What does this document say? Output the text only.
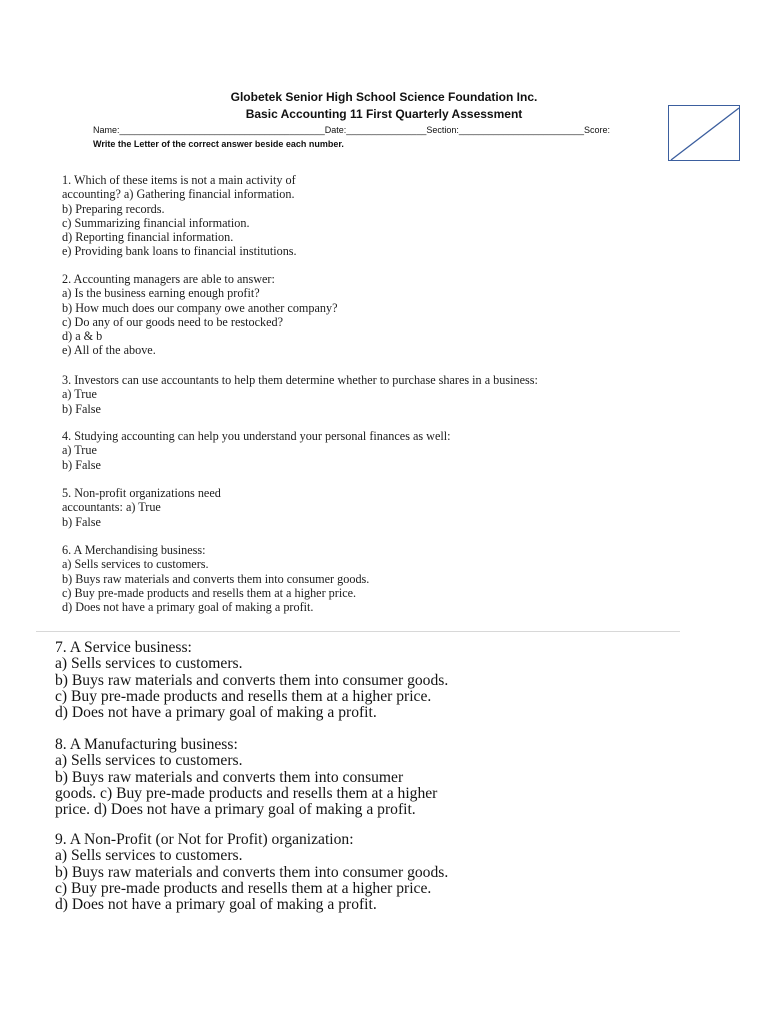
Globetek Senior High School Science Foundation Inc.
Basic Accounting 11 First Quarterly Assessment
Name:_________________________________________Date:________________Section:_________________________Score:
Write the Letter of the correct answer beside each number.
1. Which of these items is not a main activity of
accounting? a) Gathering financial information.
b) Preparing records.
c) Summarizing financial information.
d) Reporting financial information.
e) Providing bank loans to financial institutions.
2. Accounting managers are able to answer:
a) Is the business earning enough profit?
b) How much does our company owe another company?
c) Do any of our goods need to be restocked?
d) a & b
e) All of the above.
3. Investors can use accountants to help them determine whether to purchase shares in a business:
a) True
b) False
4. Studying accounting can help you understand your personal finances as well:
a) True
b) False
5. Non-profit organizations need
accountants: a) True
b) False
6. A Merchandising business:
a) Sells services to customers.
b) Buys raw materials and converts them into consumer goods.
c) Buy pre-made products and resells them at a higher price.
d) Does not have a primary goal of making a profit.
7. A Service business:
a) Sells services to customers.
b) Buys raw materials and converts them into consumer goods.
c) Buy pre-made products and resells them at a higher price.
d) Does not have a primary goal of making a profit.
8. A Manufacturing business:
a) Sells services to customers.
b) Buys raw materials and converts them into consumer
goods. c) Buy pre-made products and resells them at a higher
price. d) Does not have a primary goal of making a profit.
9. A Non-Profit (or Not for Profit) organization:
a) Sells services to customers.
b) Buys raw materials and converts them into consumer goods.
c) Buy pre-made products and resells them at a higher price.
d) Does not have a primary goal of making a profit.
